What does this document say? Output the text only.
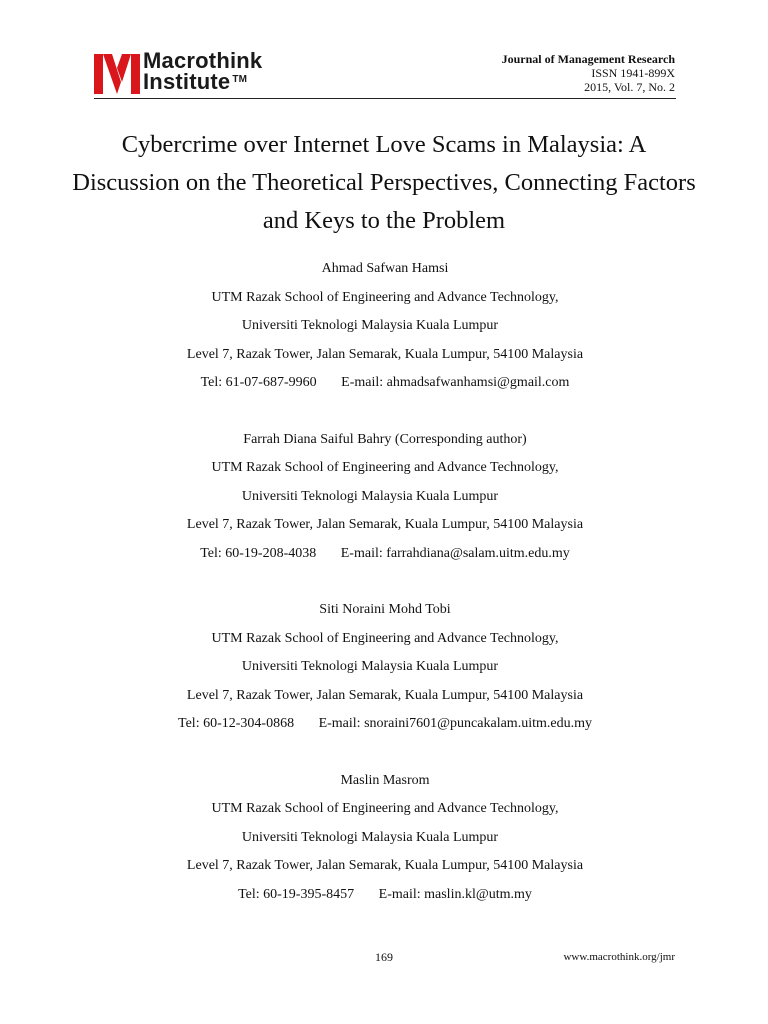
Macrothink
Institute ™
Journal of Management Research
ISSN 1941-899X
2015, Vol. 7, No. 2
Cybercrime over Internet Love Scams in Malaysia: A Discussion on the Theoretical Perspectives, Connecting Factors and Keys to the Problem
Ahmad Safwan Hamsi
UTM Razak School of Engineering and Advance Technology,
Universiti Teknologi Malaysia Kuala Lumpur
Level 7, Razak Tower, Jalan Semarak, Kuala Lumpur, 54100 Malaysia
Tel: 61-07-687-9960 E-mail: ahmadsafwanhamsi@gmail.com
Farrah Diana Saiful Bahry (Corresponding author)
UTM Razak School of Engineering and Advance Technology,
Universiti Teknologi Malaysia Kuala Lumpur
Level 7, Razak Tower, Jalan Semarak, Kuala Lumpur, 54100 Malaysia
Tel: 60-19-208-4038 E-mail: farrahdiana@salam.uitm.edu.my
Siti Noraini Mohd Tobi
UTM Razak School of Engineering and Advance Technology,
Universiti Teknologi Malaysia Kuala Lumpur
Level 7, Razak Tower, Jalan Semarak, Kuala Lumpur, 54100 Malaysia
Tel: 60-12-304-0868 E-mail: snoraini7601@puncakalam.uitm.edu.my
Maslin Masrom
UTM Razak School of Engineering and Advance Technology,
Universiti Teknologi Malaysia Kuala Lumpur
Level 7, Razak Tower, Jalan Semarak, Kuala Lumpur, 54100 Malaysia
Tel: 60-19-395-8457 E-mail: maslin.kl@utm.my
169	www.macrothink.org/jmr
